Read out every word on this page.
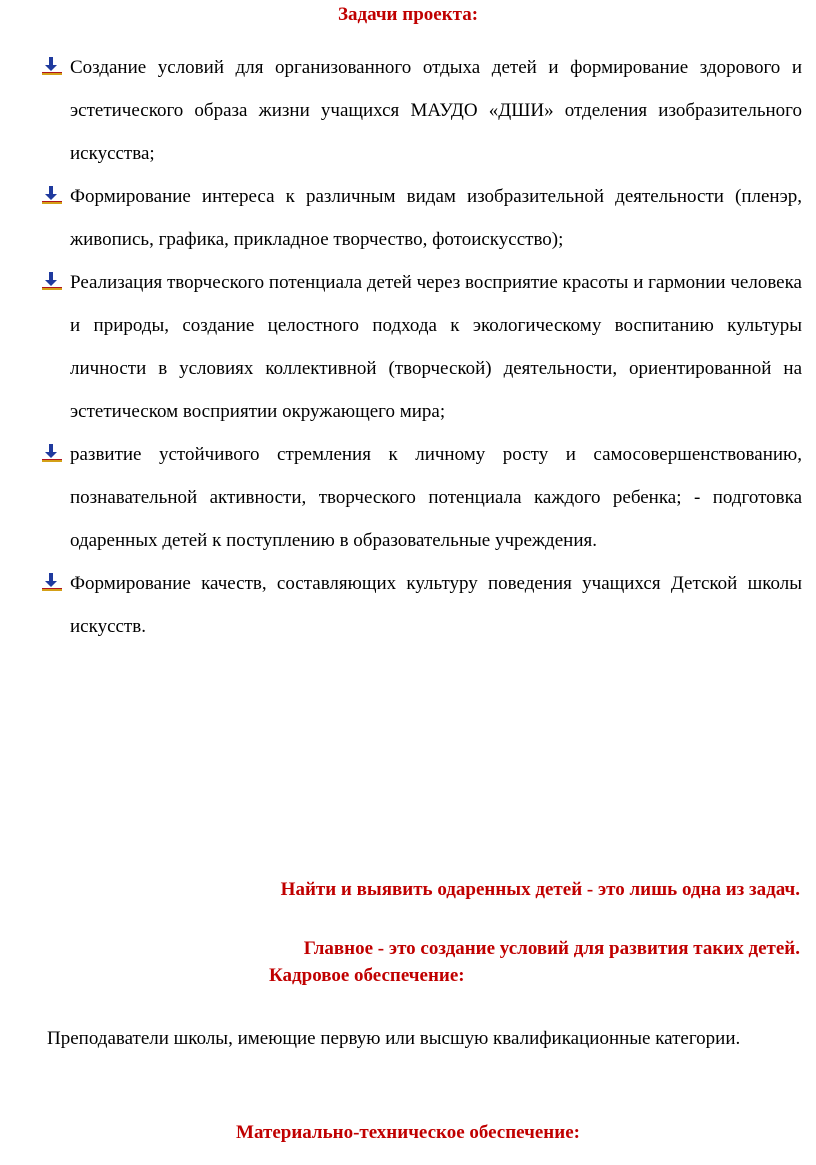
Задачи проекта:
Создание условий для организованного отдыха детей и формирование здорового и эстетического образа жизни учащихся МАУДО «ДШИ» отделения изобразительного искусства;
Формирование интереса к различным видам изобразительной деятельности (пленэр, живопись, графика, прикладное творчество, фотоискусство);
Реализация творческого потенциала детей через восприятие красоты и гармонии человека и природы, создание целостного подхода к экологическому воспитанию культуры личности в условиях коллективной (творческой) деятельности, ориентированной на эстетическом восприятии окружающего мира;
развитие устойчивого стремления к личному росту и самосовершенствованию, познавательной активности, творческого потенциала каждого ребенка; - подготовка одаренных детей к поступлению в образовательные учреждения.
Формирование качеств, составляющих культуру поведения учащихся Детской школы искусств.
Найти и выявить одаренных детей - это лишь одна из задач.
Главное - это создание условий для развития таких детей.
Кадровое обеспечение:

Преподаватели школы, имеющие первую или высшую квалификационные категории.

Материально-техническое обеспечение:
